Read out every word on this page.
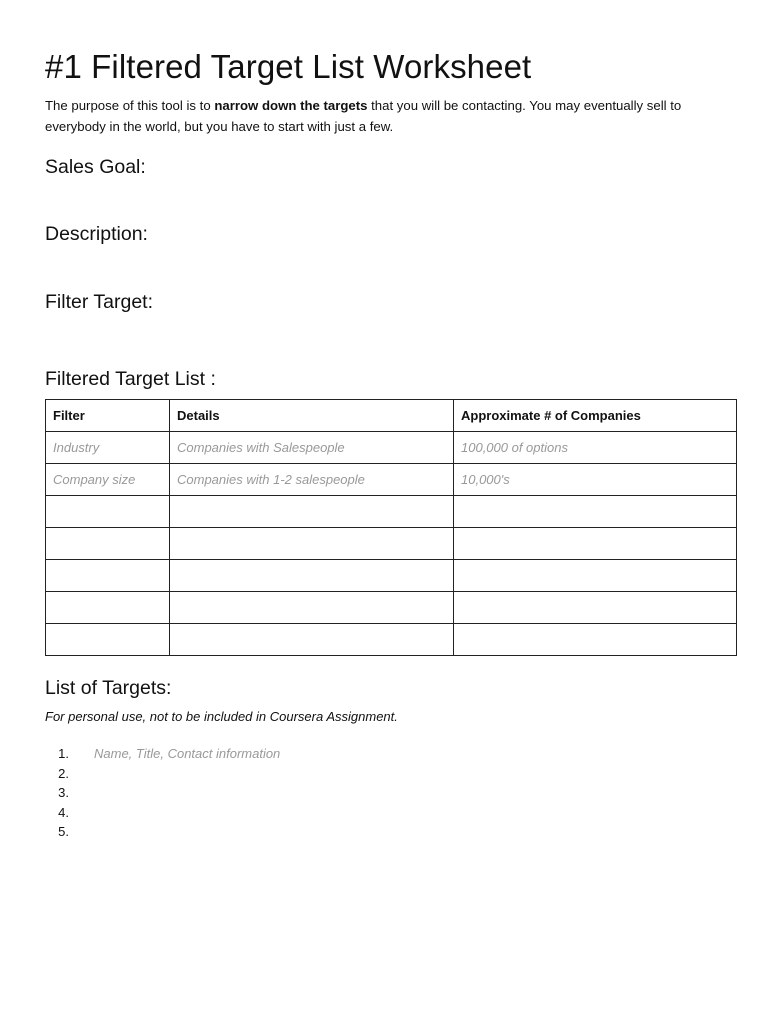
#1 Filtered Target List Worksheet

The purpose of this tool is to narrow down the targets that you will be contacting. You may eventually sell to everybody in the world, but you have to start with just a few.

Sales Goal:
Description:
Filter Target:
Filtered Target List :
Filter	Details	Approximate # of Companies
Industry	Companies with Salespeople	100,000 of options
Company size	Companies with 1-2 salespeople	10,000's

List of Targets:

For personal use, not to be included in Coursera Assignment.

1. Name, Title, Contact information
2.
3.
4.
5.
